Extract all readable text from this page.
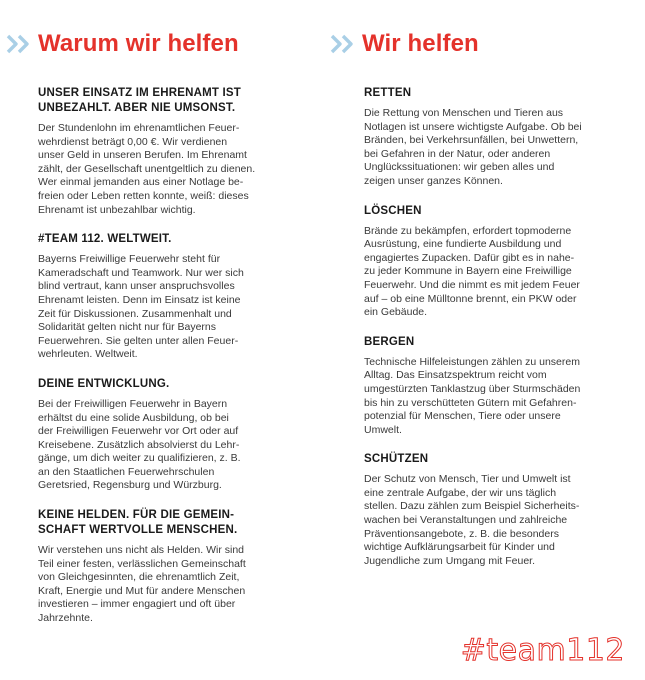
Warum wir helfen
UNSER EINSATZ IM EHRENAMT IST
UNBEZAHLT. ABER NIE UMSONST.

Der Stundenlohn im ehrenamtlichen Feuer-
wehrdienst beträgt 0,00 €. Wir verdienen
unser Geld in unseren Berufen. Im Ehrenamt
zählt, der Gesellschaft unentgeltlich zu dienen.
Wer einmal jemanden aus einer Notlage be-
freien oder Leben retten konnte, weiß: dieses
Ehrenamt ist unbezahlbar wichtig.

#TEAM 112. WELTWEIT.

Bayerns Freiwillige Feuerwehr steht für
Kameradschaft und Teamwork. Nur wer sich
blind vertraut, kann unser anspruchsvolles
Ehrenamt leisten. Denn im Einsatz ist keine
Zeit für Diskussionen. Zusammenhalt und
Solidarität gelten nicht nur für Bayerns
Feuerwehren. Sie gelten unter allen Feuer-
wehrleuten. Weltweit.

DEINE ENTWICKLUNG.

Bei der Freiwilligen Feuerwehr in Bayern
erhältst du eine solide Ausbildung, ob bei
der Freiwilligen Feuerwehr vor Ort oder auf
Kreisebene. Zusätzlich absolvierst du Lehr-
gänge, um dich weiter zu qualifizieren, z. B.
an den Staatlichen Feuerwehrschulen
Geretsried, Regensburg und Würzburg.

KEINE HELDEN. FÜR DIE GEMEIN-
SCHAFT WERTVOLLE MENSCHEN.

Wir verstehen uns nicht als Helden. Wir sind
Teil einer festen, verlässlichen Gemeinschaft
von Gleichgesinnten, die ehrenamtlich Zeit,
Kraft, Energie und Mut für andere Menschen
investieren – immer engagiert und oft über
Jahrzehnte.

Wir helfen
RETTEN

Die Rettung von Menschen und Tieren aus
Notlagen ist unsere wichtigste Aufgabe. Ob bei
Bränden, bei Verkehrsunfällen, bei Unwettern,
bei Gefahren in der Natur, oder anderen
Unglückssituationen: wir geben alles und
zeigen unser ganzes Können.

LÖSCHEN

Brände zu bekämpfen, erfordert topmoderne
Ausrüstung, eine fundierte Ausbildung und
engagiertes Zupacken. Dafür gibt es in nahe-
zu jeder Kommune in Bayern eine Freiwillige
Feuerwehr. Und die nimmt es mit jedem Feuer
auf – ob eine Mülltonne brennt, ein PKW oder
ein Gebäude.

BERGEN

Technische Hilfeleistungen zählen zu unserem
Alltag. Das Einsatzspektrum reicht vom
umgestürzten Tanklastzug über Sturmschäden
bis hin zu verschütteten Gütern mit Gefahren-
potenzial für Menschen, Tiere oder unsere
Umwelt.

SCHÜTZEN

Der Schutz von Mensch, Tier und Umwelt ist
eine zentrale Aufgabe, der wir uns täglich
stellen. Dazu zählen zum Beispiel Sicherheits-
wachen bei Veranstaltungen und zahlreiche
Präventionsangebote, z. B. die besonders
wichtige Aufklärungsarbeit für Kinder und
Jugendliche zum Umgang mit Feuer.

#team112
